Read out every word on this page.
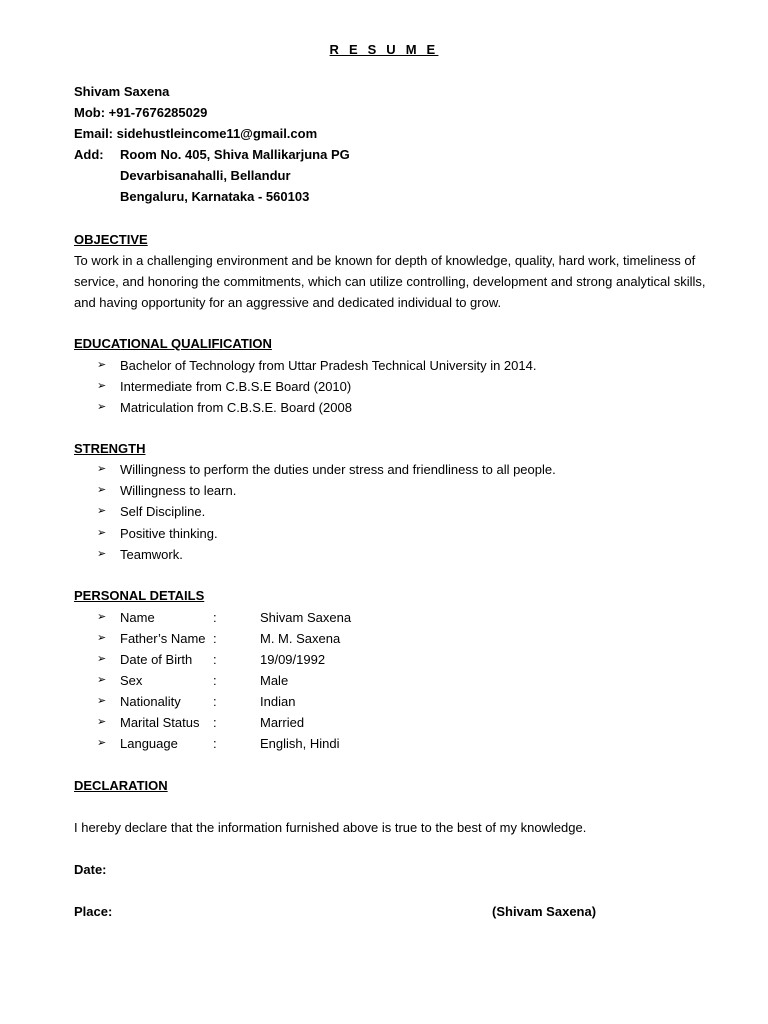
R E S U M E
Shivam Saxena
Mob: +91-7676285029
Email: sidehustleincome11@gmail.com
Add: Room No. 405, Shiva Mallikarjuna PG
Devarbisanahalli, Bellandur
Bengaluru, Karnataka - 560103
OBJECTIVE
To work in a challenging environment and be known for depth of knowledge, quality, hard work, timeliness of
service, and honoring the commitments, which can utilize controlling, development and strong analytical skills,
and having opportunity for an aggressive and dedicated individual to grow.
EDUCATIONAL QUALIFICATION
➢ Bachelor of Technology from Uttar Pradesh Technical University in 2014.
➢ Intermediate from C.B.S.E Board (2010)
➢ Matriculation from C.B.S.E. Board (2008
STRENGTH
➢ Willingness to perform the duties under stress and friendliness to all people.
➢ Willingness to learn.
➢ Self Discipline.
➢ Positive thinking.
➢ Teamwork.
PERSONAL DETAILS
➢ Name	:	Shivam Saxena
➢ Father’s Name :	M. M. Saxena
➢ Date of Birth	:	19/09/1992
➢ Sex	:	Male
➢ Nationality	:	Indian
➢ Marital Status	:	Married
➢ Language	:	English, Hindi
DECLARATION
I hereby declare that the information furnished above is true to the best of my knowledge.
Date:
Place:	(Shivam Saxena)
